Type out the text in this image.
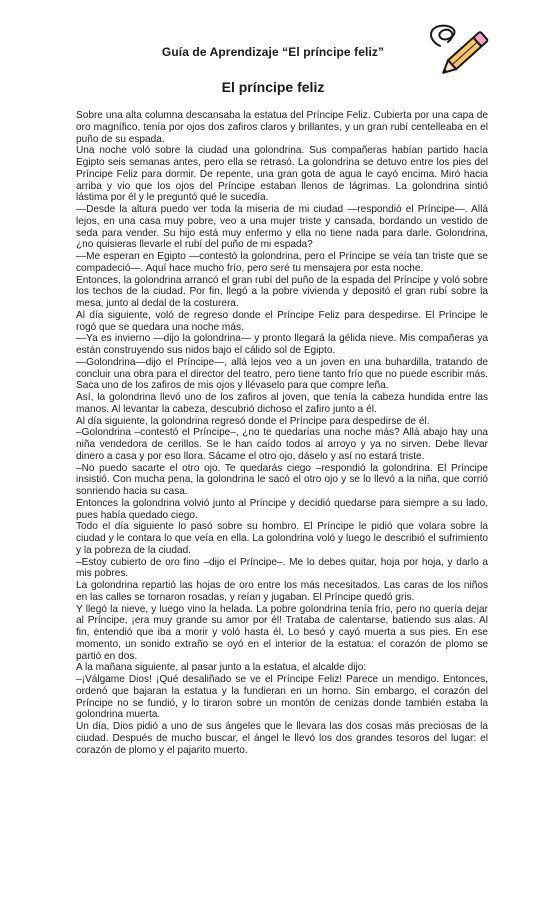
Guía de Aprendizaje “El príncipe feliz”
El príncipe feliz

Sobre una alta columna descansaba la estatua del Príncipe Feliz. Cubierta por una capa de oro magnífico, tenía por ojos dos zafiros claros y brillantes, y un gran rubí centelleaba en el puño de su espada.

Una noche voló sobre la ciudad una golondrina. Sus compañeras habían partido hacía Egipto seis semanas antes, pero ella se retrasó. La golondrina se detuvo entre los pies del Príncipe Feliz para dormir. De repente, una gran gota de agua le cayó encima. Miró hacia arriba y vio que los ojos del Príncipe estaban llenos de lágrimas. La golondrina sintió lástima por él y le preguntó qué le sucedía.

—Desde la altura puedo ver toda la miseria de mi ciudad —respondió el Príncipe—. Allá lejos, en una casa muy pobre, veo a una mujer triste y cansada, bordando un vestido de seda para vender. Su hijo está muy enfermo y ella no tiene nada para darle. Golondrina, ¿no quisieras llevarle el rubí del puño de mi espada?

—Me esperan en Egipto —contestó la golondrina, pero el Príncipe se veía tan triste que se compadeció—. Aquí hace mucho frío, pero seré tu mensajera por esta noche.

Entonces, la golondrina arrancó el gran rubí del puño de la espada del Príncipe y voló sobre los techos de la ciudad. Por fin, llegó a la pobre vivienda y depositó el gran rubí sobre la mesa, junto al dedal de la costurera.

Al día siguiente, voló de regreso donde el Príncipe Feliz para despedirse. El Príncipe le rogó que se quedara una noche más.

—Ya es invierno —dijo la golondrina— y pronto llegará la gélida nieve. Mis compañeras ya están construyendo sus nidos bajo el cálido sol de Egipto.

—Golondrina—dijo el Príncipe—, allá lejos veo a un joven en una buhardilla, tratando de concluir una obra para el director del teatro, pero tiene tanto frío que no puede escribir más. Saca uno de los zafiros de mis ojos y llévaselo para que compre leña.

Así, la golondrina llevó uno de los zafiros al joven, que tenía la cabeza hundida entre las manos. Al levantar la cabeza, descubrió dichoso el zafiro junto a él.

Al día siguiente, la golondrina regresó donde el Príncipe para despedirse de él.

–Golondrina –contestó el Príncipe–, ¿no te quedarías una noche más? Allá abajo hay una niña vendedora de cerillos. Se le han caído todos al arroyo y ya no sirven. Debe llevar dinero a casa y por eso llora. Sácame el otro ojo, dáselo y así no estará triste.

–No puedo sacarte el otro ojo. Te quedarás ciego –respondió la golondrina. El Príncipe insistió. Con mucha pena, la golondrina le sacó el otro ojo y se lo llevó a la niña, que corrió sonriendo hacia su casa.

Entonces la golondrina volvió junto al Príncipe y decidió quedarse para siempre a su lado, pues había quedado ciego.

Todo el día siguiente lo pasó sobre su hombro. El Príncipe le pidió que volara sobre la ciudad y le contara lo que veía en ella. La golondrina voló y luego le describió el sufrimiento y la pobreza de la ciudad.

–Estoy cubierto de oro fino –dijo el Príncipe–. Me lo debes quitar, hoja por hoja, y darlo a mis pobres.

La golondrina repartió las hojas de oro entre los más necesitados. Las caras de los niños en las calles se tornaron rosadas, y reían y jugaban. El Príncipe quedó gris.

Y llegó la nieve, y luego vino la helada. La pobre golondrina tenía frío, pero no quería dejar al Príncipe, ¡era muy grande su amor por él! Trataba de calentarse, batiendo sus alas. Al fin, entendió que iba a morir y voló hasta él. Lo besó y cayó muerta a sus pies. En ese momento, un sonido extraño se oyó en el interior de la estatua: el corazón de plomo se partió en dos.

A la mañana siguiente, al pasar junto a la estatua, el alcalde dijo:

–¡Válgame Dios! ¡Qué desaliñado se ve el Príncipe Feliz! Parece un mendigo. Entonces, ordenó que bajaran la estatua y la fundieran en un horno. Sin embargo, el corazón del Príncipe no se fundió, y lo tiraron sobre un montón de cenizas donde también estaba la golondrina muerta.

Un día, Dios pidió a uno de sus ángeles que le llevara las dos cosas más preciosas de la ciudad. Después de mucho buscar, el ángel le llevó los dos grandes tesoros del lugar: el corazón de plomo y el pajarito muerto.
